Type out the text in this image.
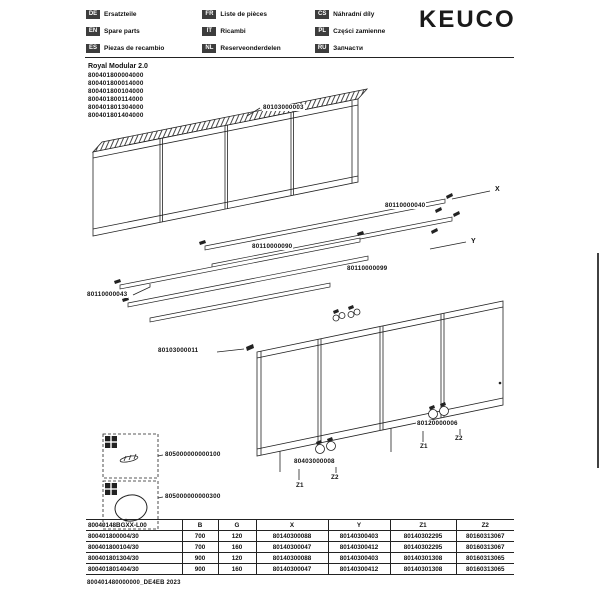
DE	Ersatzteile
EN	Spare parts
ES	Piezas de recambio
FR	Liste de pièces
IT	Ricambi
NL	Reserveonderdelen
CS	Náhradní díly
PL	Części zamienne
RU	Запчасти
KEUCO
Royal Modular 2.0
800401800004000
800401800014000
800401800104000
800401800114000
800401801304000
800401801404000
80103000003
80110000040
X
80110000090
80110000099
Y
80110000043
80103000011
80403000008
Z1
Z2
80120000006
Z1
Z2
805000000000100
805000000000300
80040148BGXX-L00	B	G	X	Y	Z1	Z2
800401800004/30	700	120	80140300088	80140300403	80140302295	80160313067
800401800104/30	700	160	80140300047	80140300412	80140302295	80160313067
800401801304/30	900	120	80140300088	80140300403	80140301308	80160313065
800401801404/30	900	160	80140300047	80140300412	80140301308	80160313065
800401480000000_DE4EB 2023
